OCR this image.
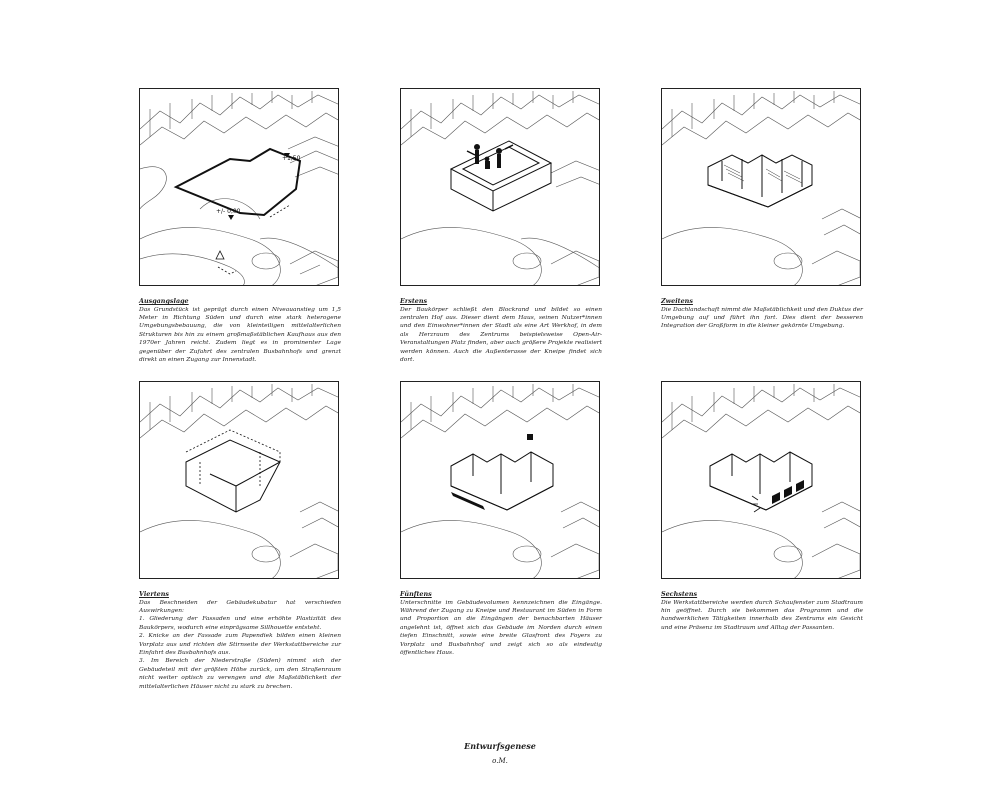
+1,50
+/- 0,00
Ausgangslage

Das Grundstück ist geprägt durch einen Niveauanstieg um 1,5 Meter in Richtung Süden und durch eine stark heterogene Umgebungsbebauung, die von kleinteiligen mittelalterlichen Strukturen bis hin zu einem großmaßstäblichen Kaufhaus aus den 1970er Jahren reicht. Zudem liegt es in prominenter Lage gegenüber der Zufahrt des zentralen Busbahnhofs und grenzt direkt an einen Zugang zur Innenstadt.

Erstens

Der Baukörper schließt den Blockrand und bildet so einen zentralen Hof aus. Dieser dient dem Haus, seinen Nutzer*innen und den Einwohner*innen der Stadt als eine Art Werkhof, in dem als Herzraum des Zentrums beispielsweise Open-Air-Veranstaltungen Platz finden, aber auch größere Projekte realisiert werden können. Auch die Außenterasse der Kneipe findet sich dort.

Zweitens

Die Dachlandschaft nimmt die Maßstäblichkeit und den Duktus der Umgebung auf und führt ihn fort. Dies dient der besseren Integration der Großform in die kleiner gekörnte Umgebung.

Viertens

Das Beschneiden der Gebäudekubatur hat verschieden Auswirkungen:

1. Gliederung der Fassaden und eine erhöhte Plastizität des Baukörpers, wodurch eine einprägsame Sillhouette entsteht.

2. Knicke an der Fassade zum Papendiek bilden einen kleinen Vorplatz aus und richten die Stirnseite der Werkstattbereiche zur Einfahrt des Busbahnhofs aus.

3. Im Bereich der Niederstraße (Süden) nimmt sich der Gebäudeteil mit der größten Höhe zurück, um den Straßenraum nicht weiter optisch zu verengen und die Maßstäblichkeit der mittelalterlichen Häuser nicht zu stark zu brechen.

Fünftens

Unterschnitte im Gebäudevolumen kennzeichnen die Eingänge. Während der Zugang zu Kneipe und Restaurant im Süden in Form und Proportion an die Eingängen der benachbarten Häuser angelehnt ist, öffnet sich das Gebäude im Norden durch einen tiefen Einschnitt, sowie eine breite Glasfront des Foyers zu Vorplatz und Busbahnhof und zeigt sich so als eindeutig öffentliches Haus.

Sechstens

Die Werkstattbereiche werden durch Schaufenster zum Stadtraum hin geöffnet. Durch sie bekommen das Programm und die handwerklichen Tätigkeiten innerhalb des Zentrums ein Gesicht und eine Präsenz im Stadtraum und Alltag der Passanten.

Entwurfsgenese
o.M.
